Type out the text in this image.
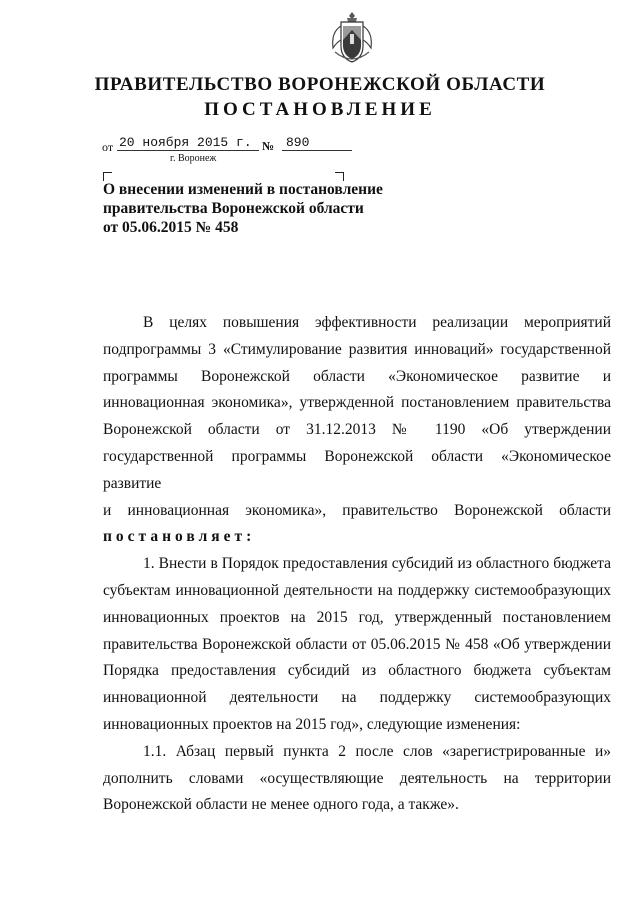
ПРАВИТЕЛЬСТВО ВОРОНЕЖСКОЙ ОБЛАСТИ
ПОСТАНОВЛЕНИЕ
от 20 ноября 2015 г. № 890
г. Воронеж
О внесении изменений в постановление
правительства Воронежской области
от 05.06.2015 № 458

В целях повышения эффективности реализации мероприятий

подпрограммы 3 «Стимулирование развития инноваций» государственной

программы Воронежской области «Экономическое развитие и

инновационная экономика», утвержденной постановлением правительства

Воронежской области от 31.12.2013 № 1190 «Об утверждении

государственной программы Воронежской области «Экономическое развитие

и инновационная экономика», правительство Воронежской области

постановляет:

1. Внести в Порядок предоставления субсидий из областного бюджета

субъектам инновационной деятельности на поддержку системообразующих

инновационных проектов на 2015 год, утвержденный постановлением

правительства Воронежской области от 05.06.2015 № 458 «Об утверждении

Порядка предоставления субсидий из областного бюджета субъектам

инновационной деятельности на поддержку системообразующих

инновационных проектов на 2015 год», следующие изменения:

1.1. Абзац первый пункта 2 после слов «зарегистрированные и»

дополнить словами «осуществляющие деятельность на территории

Воронежской области не менее одного года, а также».
